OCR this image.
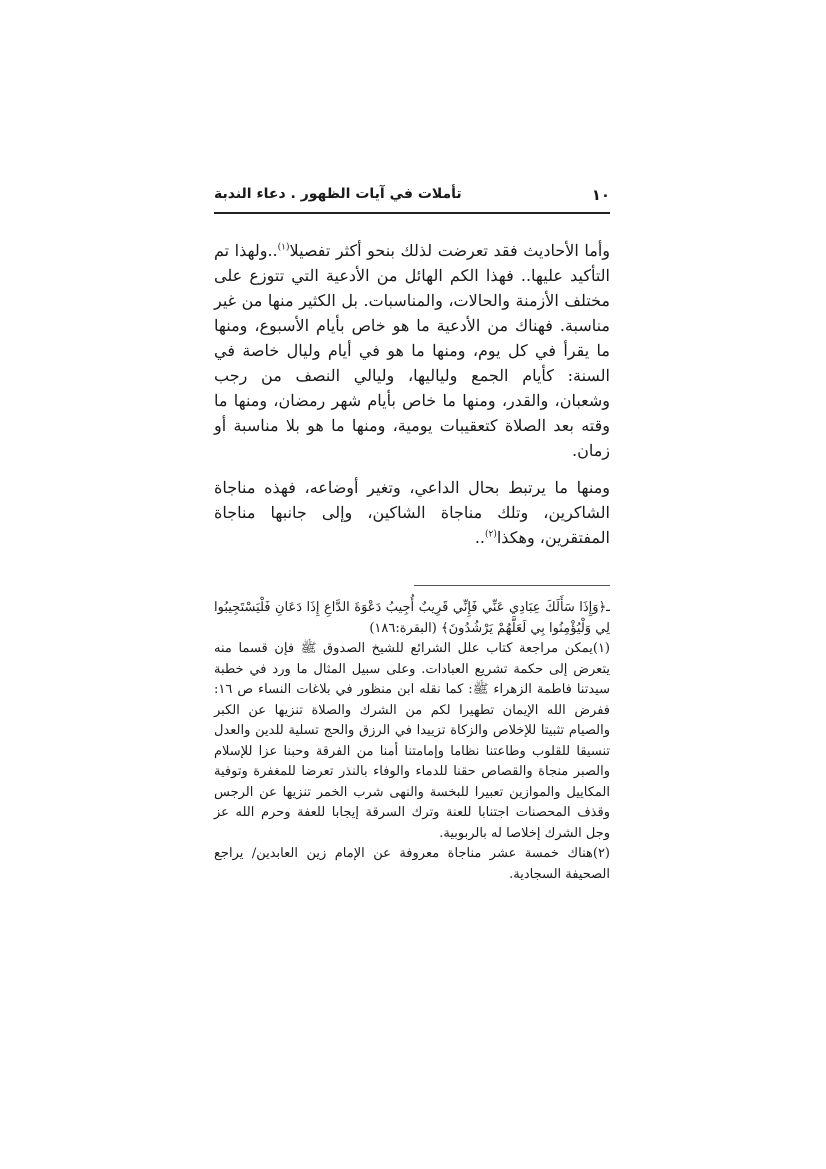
١٠
تأملات في آيات الظهور . دعاء الندبة

وأما الأحاديث فقد تعرضت لذلك بنحو أكثر تفصيلا$^{(١)}$..ولهذا تم التأكيد عليها.. فهذا الكم الهائل من الأدعية التي تتوزع على مختلف الأزمنة والحالات، والمناسبات. بل الكثير منها من غير مناسبة. فهناك من الأدعية ما هو خاص بأيام الأسبوع، ومنها ما يقرأ في كل يوم، ومنها ما هو في أيام وليال خاصة في السنة: كأيام الجمع ولياليها، وليالي النصف من رجب وشعبان، والقدر، ومنها ما خاص بأيام شهر رمضان، ومنها ما وقته بعد الصلاة كتعقيبات يومية، ومنها ما هو بلا مناسبة أو زمان.

ومنها ما يرتبط بحال الداعي، وتغير أوضاعه، فهذه مناجاة الشاكرين، وتلك مناجاة الشاكين، وإلى جانبها مناجاة المفتقرين، وهكذا$^{(٢)}$..

ـ﴿وَإِذَا سَأَلَكَ عِبَادِي عَنِّي فَإِنِّي قَرِيبٌ أُجِيبُ دَعْوَةَ الدَّاعِ إِذَا دَعَانِ فَلْيَسْتَجِيبُوا لِي وَلْيُؤْمِنُوا بِي لَعَلَّهُمْ يَرْشُدُونَ﴾ (البقرة:١٨٦)

(١)يمكن مراجعة كتاب علل الشرائع للشيخ الصدوق ﷺ فإن قسما منه يتعرض إلى حكمة تشريع العبادات. وعلى سبيل المثال ما ورد في خطبة سيدتنا فاطمة الزهراء ﷺ: كما نقله ابن منظور في بلاغات النساء ص ١٦: ففرض الله الإيمان تطهيرا لكم من الشرك والصلاة تنزيها عن الكبر والصيام تثبيتا للإخلاص والزكاة تزييدا في الرزق والحج تسلية للدين والعدل تنسيقا للقلوب وطاعتنا نظاما وإمامتنا أمنا من الفرقة وحبنا عزا للإسلام والصبر منجاة والقصاص حقنا للدماء والوفاء بالنذر تعرضا للمغفرة وتوفية المكاييل والموازين تعبيرا للبخسة والنهى شرب الخمر تنزيها عن الرجس وقذف المحصنات اجتنابا للعنة وترك السرقة إيجابا للعفة وحرم الله عز وجل الشرك إخلاصا له بالربوبية.

(٢)هناك خمسة عشر مناجاة معروفة عن الإمام زين العابدين/ يراجع الصحيفة السجادية.
